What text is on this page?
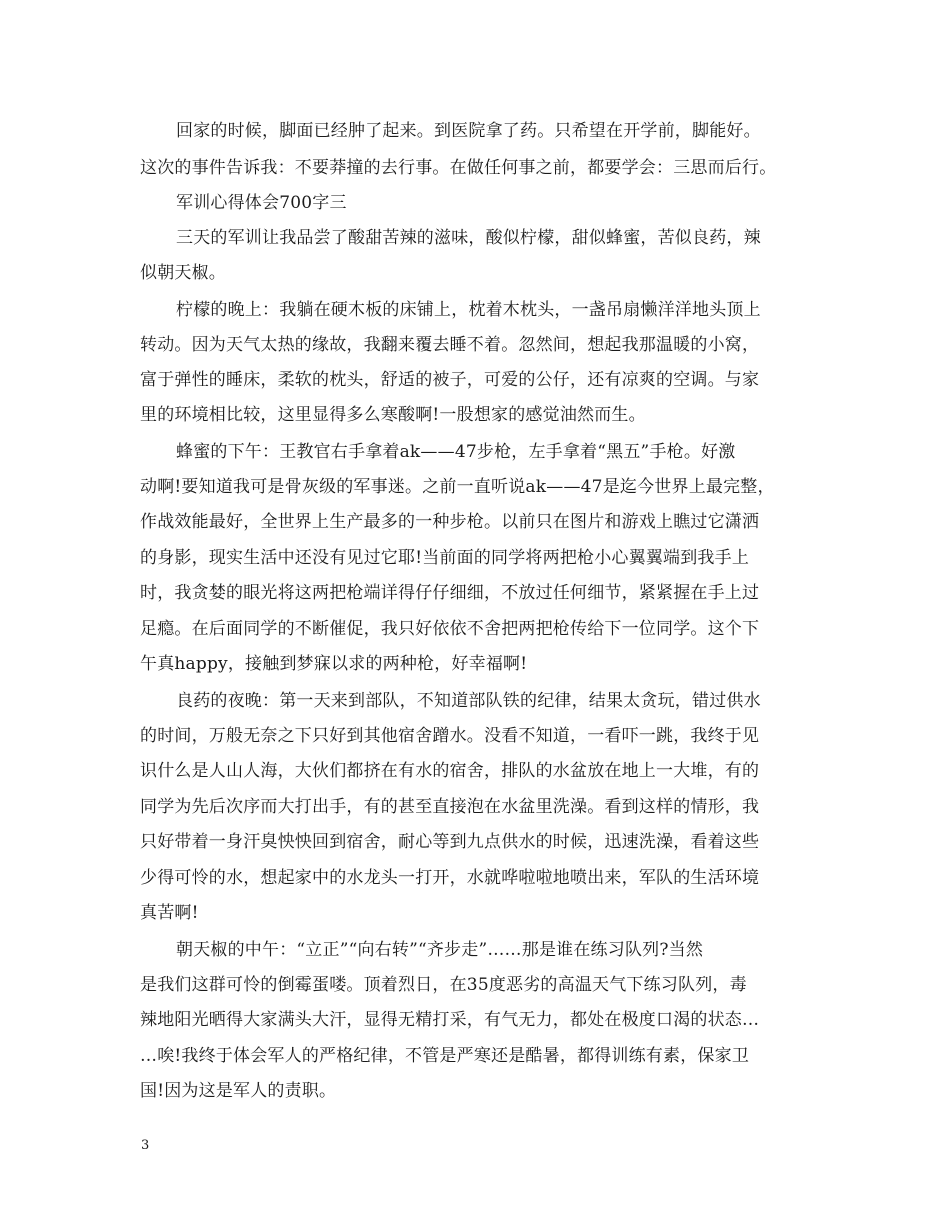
回家的时候，脚面已经肿了起来。到医院拿了药。只希望在开学前，脚能好。
这次的事件告诉我：不要莽撞的去行事。在做任何事之前，都要学会：三思而后行。
军训心得体会700字三
三天的军训让我品尝了酸甜苦辣的滋味，酸似柠檬，甜似蜂蜜，苦似良药，辣
似朝天椒。
柠檬的晚上：我躺在硬木板的床铺上，枕着木枕头，一盏吊扇懒洋洋地头顶上
转动。因为天气太热的缘故，我翻来覆去睡不着。忽然间，想起我那温暖的小窝，
富于弹性的睡床，柔软的枕头，舒适的被子，可爱的公仔，还有凉爽的空调。与家
里的环境相比较，这里显得多么寒酸啊!一股想家的感觉油然而生。
蜂蜜的下午：王教官右手拿着ak——47步枪，左手拿着“黑五”手枪。好激
动啊!要知道我可是骨灰级的军事迷。之前一直听说ak——47是迄今世界上最完整，
作战效能最好，全世界上生产最多的一种步枪。以前只在图片和游戏上瞧过它潇洒
的身影，现实生活中还没有见过它耶!当前面的同学将两把枪小心翼翼端到我手上
时，我贪婪的眼光将这两把枪端详得仔仔细细，不放过任何细节，紧紧握在手上过
足瘾。在后面同学的不断催促，我只好依依不舍把两把枪传给下一位同学。这个下
午真happy，接触到梦寐以求的两种枪，好幸福啊!
良药的夜晚：第一天来到部队，不知道部队铁的纪律，结果太贪玩，错过供水
的时间，万般无奈之下只好到其他宿舍蹭水。没看不知道，一看吓一跳，我终于见
识什么是人山人海，大伙们都挤在有水的宿舍，排队的水盆放在地上一大堆，有的
同学为先后次序而大打出手，有的甚至直接泡在水盆里洗澡。看到这样的情形，我
只好带着一身汗臭怏怏回到宿舍，耐心等到九点供水的时候，迅速洗澡，看着这些
少得可怜的水，想起家中的水龙头一打开，水就哗啦啦地喷出来，军队的生活环境
真苦啊!
朝天椒的中午：“立正”“向右转”“齐步走”……那是谁在练习队列?当然
是我们这群可怜的倒霉蛋喽。顶着烈日，在35度恶劣的高温天气下练习队列，毒
辣地阳光晒得大家满头大汗，显得无精打采，有气无力，都处在极度口渴的状态…
…唉!我终于体会军人的严格纪律，不管是严寒还是酷暑，都得训练有素，保家卫
国!因为这是军人的责职。
3
